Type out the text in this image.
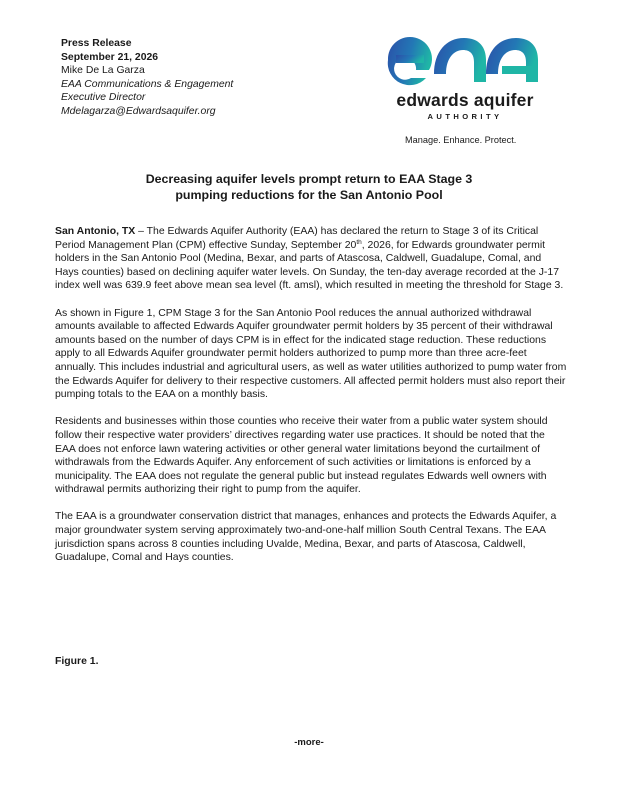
Press Release
September 21, 2026
Mike De La Garza
EAA Communications & Engagement
Executive Director
Mdelagarza@Edwardsaquifer.org
edwards aquifer
AUTHORITY
Manage. Enhance. Protect.
Decreasing aquifer levels prompt return to EAA Stage 3
pumping reductions for the San Antonio Pool

San Antonio, TX – The Edwards Aquifer Authority (EAA) has declared the return to Stage 3 of its Critical Period Management Plan (CPM) effective Sunday, September 20th, 2026, for Edwards groundwater permit holders in the San Antonio Pool (Medina, Bexar, and parts of Atascosa, Caldwell, Guadalupe, Comal, and Hays counties) based on declining aquifer water levels. On Sunday, the ten-day average recorded at the J-17 index well was 639.9 feet above mean sea level (ft. amsl), which resulted in meeting the threshold for Stage 3.

As shown in Figure 1, CPM Stage 3 for the San Antonio Pool reduces the annual authorized withdrawal amounts available to affected Edwards Aquifer groundwater permit holders by 35 percent of their withdrawal amounts based on the number of days CPM is in effect for the indicated stage reduction. These reductions apply to all Edwards Aquifer groundwater permit holders authorized to pump more than three acre-feet annually. This includes industrial and agricultural users, as well as water utilities authorized to pump water from the Edwards Aquifer for delivery to their respective customers. All affected permit holders must also report their pumping totals to the EAA on a monthly basis.

Residents and businesses within those counties who receive their water from a public water system should follow their respective water providers’ directives regarding water use practices. It should be noted that the EAA does not enforce lawn watering activities or other general water limitations beyond the curtailment of withdrawals from the Edwards Aquifer. Any enforcement of such activities or limitations is enforced by a municipality. The EAA does not regulate the general public but instead regulates Edwards well owners with withdrawal permits authorizing their right to pump from the aquifer.

The EAA is a groundwater conservation district that manages, enhances and protects the Edwards Aquifer, a major groundwater system serving approximately two-and-one-half million South Central Texans. The EAA jurisdiction spans across 8 counties including Uvalde, Medina, Bexar, and parts of Atascosa, Caldwell, Guadalupe, Comal and Hays counties.

Figure 1.
-more-
